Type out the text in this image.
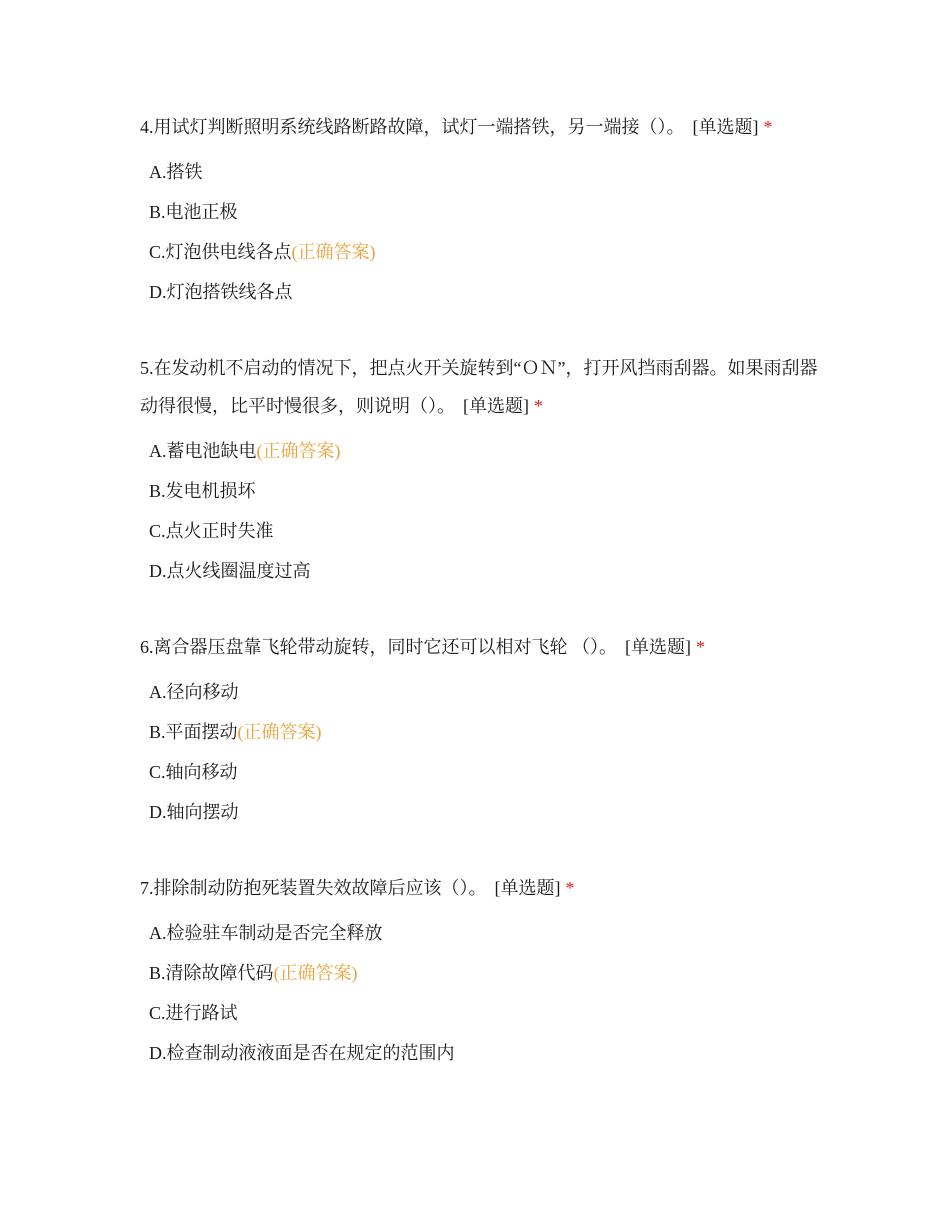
4.用试灯判断照明系统线路断路故障，试灯一端搭铁，另一端接（）。 [单选题] *
A.搭铁
B.电池正极
C.灯泡供电线各点(正确答案)
D.灯泡搭铁线各点
5.在发动机不启动的情况下，把点火开关旋转到“ＯＮ”，打开风挡雨刮器。如果雨刮器动得很慢，比平时慢很多，则说明（）。 [单选题] *
A.蓄电池缺电(正确答案)
B.发电机损坏
C.点火正时失准
D.点火线圈温度过高
6.离合器压盘靠飞轮带动旋转，同时它还可以相对飞轮 （）。 [单选题] *
A.径向移动
B.平面摆动(正确答案)
C.轴向移动
D.轴向摆动
7.排除制动防抱死装置失效故障后应该（）。 [单选题] *
A.检验驻车制动是否完全释放
B.清除故障代码(正确答案)
C.进行路试
D.检查制动液液面是否在规定的范围内
